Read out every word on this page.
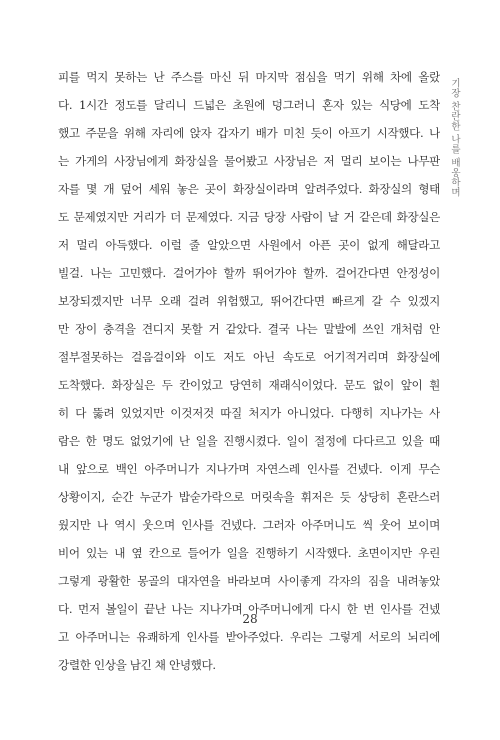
기장 찬란한 나를 배웅하며
피를 먹지 못하는 난 주스를 마신 뒤 마지막 점심을 먹기 위해 차에 올랐
다. 1시간 정도를 달리니 드넓은 초원에 덩그러니 혼자 있는 식당에 도착
했고 주문을 위해 자리에 앉자 갑자기 배가 미친 듯이 아프기 시작했다. 나
는 가게의 사장님에게 화장실을 물어봤고 사장님은 저 멀리 보이는 나무판
자를 몇 개 덮어 세워 놓은 곳이 화장실이라며 알려주었다. 화장실의 형태
도 문제였지만 거리가 더 문제였다. 지금 당장 사람이 날 거 같은데 화장실은
저 멀리 아득했다. 이럴 줄 알았으면 사원에서 아픈 곳이 없게 해달라고
빌걸. 나는 고민했다. 걸어가야 할까 뛰어가야 할까. 걸어간다면 안정성이
보장되겠지만 너무 오래 걸려 위험했고, 뛰어간다면 빠르게 갈 수 있겠지
만 장이 충격을 견디지 못할 거 같았다. 결국 나는 말발에 쓰인 개처럼 안
절부절못하는 걸음걸이와 이도 저도 아닌 속도로 어기적거리며 화장실에
도착했다. 화장실은 두 칸이었고 당연히 재래식이었다. 문도 없이 앞이 훤
히 다 뚫려 있었지만 이것저것 따질 처지가 아니었다. 다행히 지나가는 사
람은 한 명도 없었기에 난 일을 진행시켰다. 일이 절정에 다다르고 있을 때
내 앞으로 백인 아주머니가 지나가며 자연스레 인사를 건넸다. 이게 무슨
상황이지, 순간 누군가 밥숟가락으로 머릿속을 휘저은 듯 상당히 혼란스러
웠지만 나 역시 웃으며 인사를 건넸다. 그러자 아주머니도 씩 웃어 보이며
비어 있는 내 옆 칸으로 들어가 일을 진행하기 시작했다. 초면이지만 우린
그렇게 광활한 몽골의 대자연을 바라보며 사이좋게 각자의 짐을 내려놓았
다. 먼저 볼일이 끝난 나는 지나가며 아주머니에게 다시 한 번 인사를 건넸
고 아주머니는 유쾌하게 인사를 받아주었다. 우리는 그렇게 서로의 뇌리에
강렬한 인상을 남긴 채 안녕했다.
28
